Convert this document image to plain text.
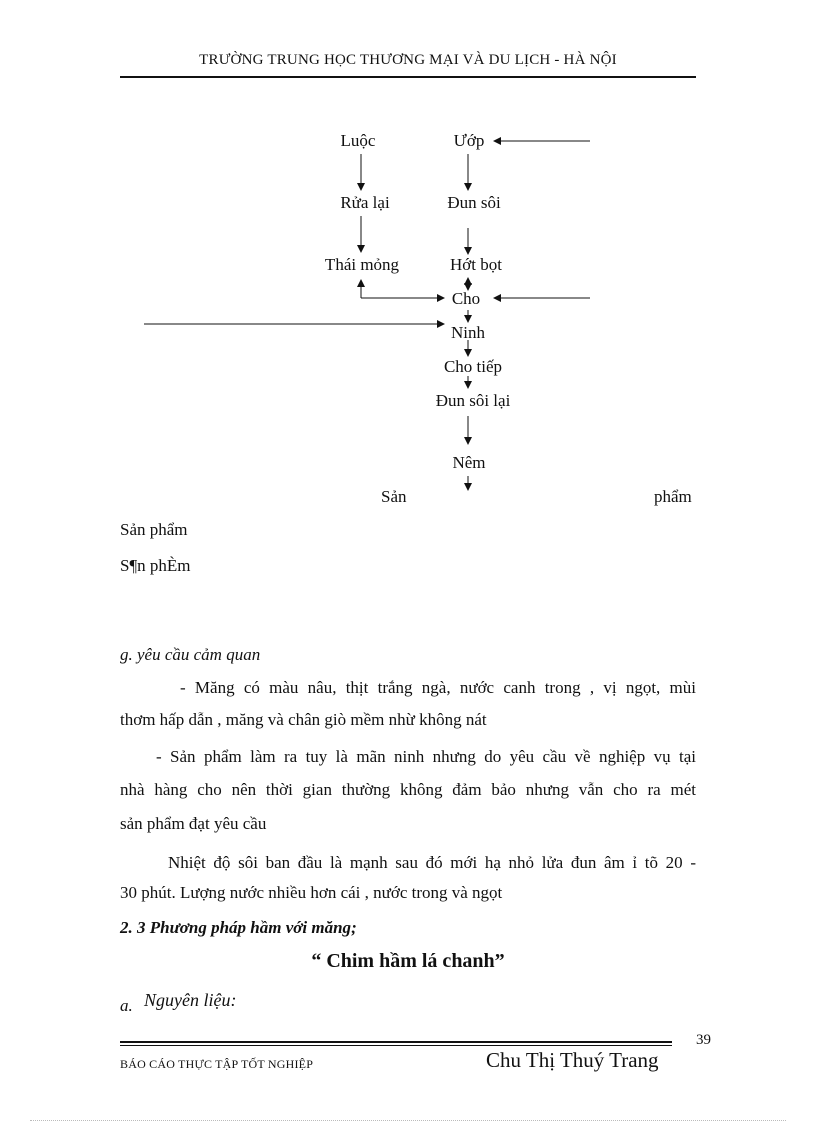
TRƯỜNG TRUNG HỌC THƯƠNG MẠI VÀ DU LỊCH - HÀ NỘI
Luộc
Rửa lại
Thái mỏng
Ướp
Đun sôi
Hớt bọt
Cho
Ninh
Cho tiếp
Đun sôi lại
Nêm
Sản	phẩm
Sản phẩm
S¶n phÈm
g. yêu cầu cảm quan
- Măng có màu nâu, thịt trắng ngà, nước canh trong , vị ngọt, mùi
thơm hấp dẫn , măng và chân giò mềm nhừ không nát
- Sản phẩm làm ra tuy là mãn ninh nhưng do yêu cầu về nghiệp vụ tại
nhà hàng cho nên thời gian thường không đảm bảo nhưng vẫn cho ra mét
sản phẩm đạt yêu cầu
Nhiệt độ sôi ban đầu là mạnh sau đó mới hạ nhỏ lửa đun âm ỉ tõ 20 -
30 phút. Lượng nước nhiều hơn cái , nước trong và ngọt
2. 3 Phương pháp hầm với măng;
“ Chim hầm lá chanh”
a. Nguyên liệu:
39
BÁO CÁO THỰC TẬP TỐT NGHIỆP	Chu Thị Thuý Trang
